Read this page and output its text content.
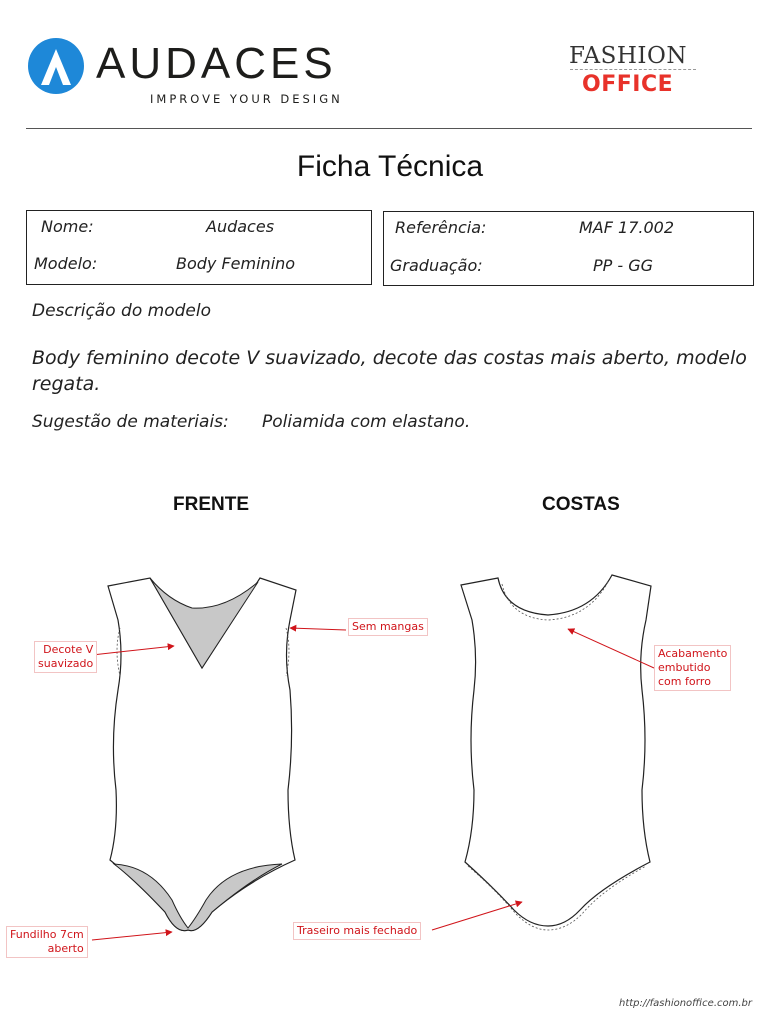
AUDACES
IMPROVE YOUR DESIGN
FASHION
OFFICE
Ficha Técnica
Nome:	Audaces
Modelo:	Body Feminino
Referência:	MAF 17.002
Graduação:	PP - GG
Descrição do modelo
Body feminino decote V suavizado, decote das costas mais aberto, modelo regata.
Sugestão de materiais: Poliamida com elastano.
FRENTE	COSTAS
Decote V
suavizado
Sem mangas
Fundilho 7cm
aberto
Acabamento
embutido
com forro
Traseiro mais fechado
http://fashionoffice.com.br
